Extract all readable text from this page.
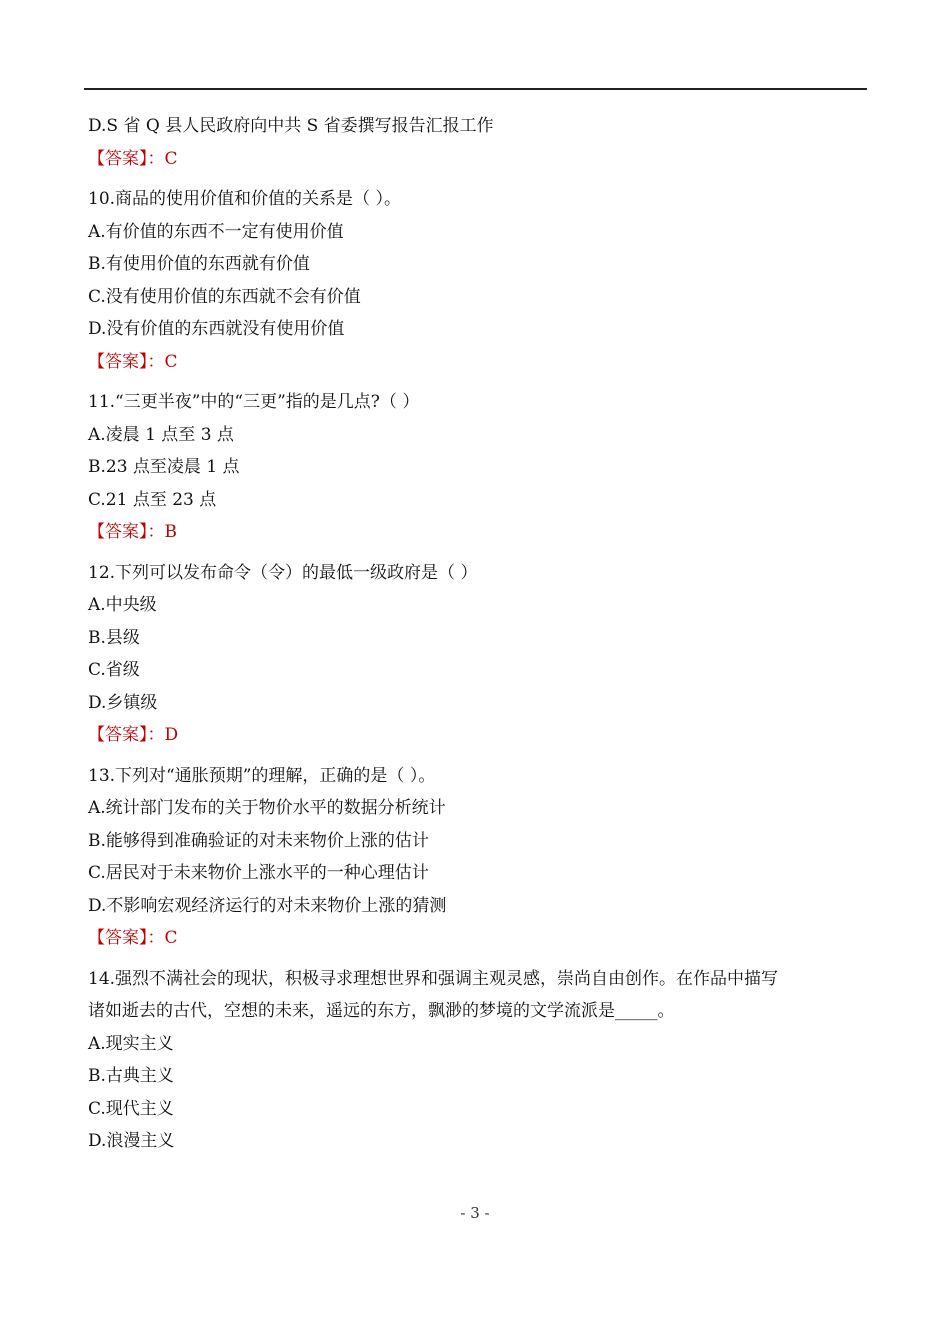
D.S 省 Q 县人民政府向中共 S 省委撰写报告汇报工作
【答案】：C
10.商品的使用价值和价值的关系是（ ）。
A.有价值的东西不一定有使用价值
B.有使用价值的东西就有价值
C.没有使用价值的东西就不会有价值
D.没有价值的东西就没有使用价值
【答案】：C
11.“三更半夜”中的“三更”指的是几点?（ ）
A.凌晨 1 点至 3 点
B.23 点至凌晨 1 点
C.21 点至 23 点
【答案】：B
12.下列可以发布命令（令）的最低一级政府是（ ）
A.中央级
B.县级
C.省级
D.乡镇级
【答案】：D
13.下列对“通胀预期”的理解，正确的是（ ）。
A.统计部门发布的关于物价水平的数据分析统计
B.能够得到准确验证的对未来物价上涨的估计
C.居民对于未来物价上涨水平的一种心理估计
D.不影响宏观经济运行的对未来物价上涨的猜测
【答案】：C
14.强烈不满社会的现状，积极寻求理想世界和强调主观灵感，崇尚自由创作。在作品中描写
诸如逝去的古代，空想的未来，遥远的东方，飘渺的梦境的文学流派是_____。
A.现实主义
B.古典主义
C.现代主义
D.浪漫主义
- 3 -
